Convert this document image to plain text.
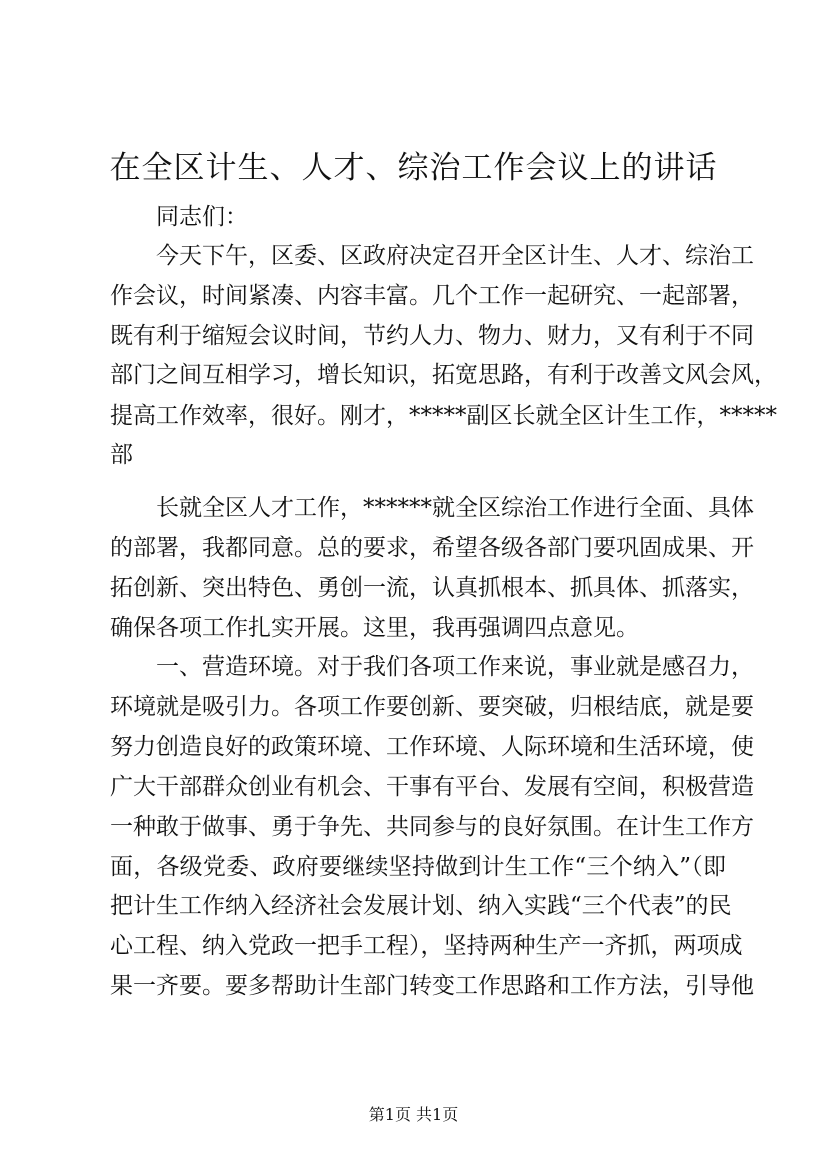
在全区计生、人才、综治工作会议上的讲话
同志们：
今天下午，区委、区政府决定召开全区计生、人才、综治工
作会议，时间紧凑、内容丰富。几个工作一起研究、一起部署，
既有利于缩短会议时间，节约人力、物力、财力，又有利于不同
部门之间互相学习，增长知识，拓宽思路，有利于改善文风会风，
提高工作效率，很好。刚才，*****副区长就全区计生工作，*****
部
长就全区人才工作，******就全区综治工作进行全面、具体
的部署，我都同意。总的要求，希望各级各部门要巩固成果、开
拓创新、突出特色、勇创一流，认真抓根本、抓具体、抓落实，
确保各项工作扎实开展。这里，我再强调四点意见。
一、营造环境。对于我们各项工作来说，事业就是感召力，
环境就是吸引力。各项工作要创新、要突破，归根结底，就是要
努力创造良好的政策环境、工作环境、人际环境和生活环境，使
广大干部群众创业有机会、干事有平台、发展有空间，积极营造
一种敢于做事、勇于争先、共同参与的良好氛围。在计生工作方
面，各级党委、政府要继续坚持做到计生工作“三个纳入”（即
把计生工作纳入经济社会发展计划、纳入实践“三个代表”的民
心工程、纳入党政一把手工程），坚持两种生产一齐抓，两项成
果一齐要。要多帮助计生部门转变工作思路和工作方法，引导他
第1页 共1页
